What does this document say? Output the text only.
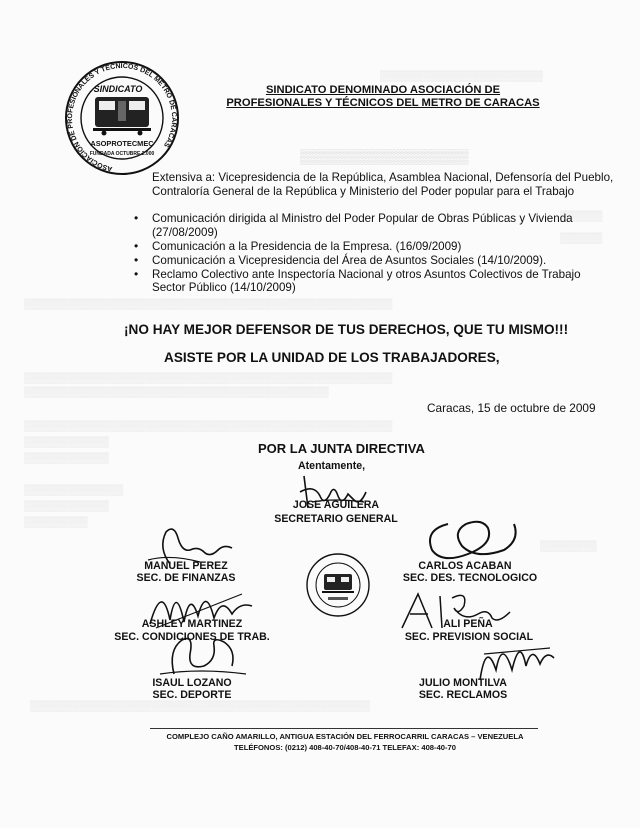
▒▒▒▒▒▒▒▒▒▒▒▒▒▒▒▒▒▒▒▒▒▒▒
▒▒▒▒▒▒▒▒▒▒▒▒▒▒▒▒▒
▒▒▒▒▒▒
▒▒▒▒▒▒
▒▒▒▒▒▒▒▒▒▒▒▒▒▒▒▒▒▒▒▒▒▒▒▒▒▒▒▒▒▒▒▒▒▒▒▒▒▒▒▒▒▒▒▒▒▒▒▒▒▒▒▒
▒▒▒▒▒▒▒▒▒▒▒▒▒▒▒▒▒▒▒▒▒▒▒▒▒▒▒▒▒▒▒▒▒▒▒▒▒▒▒▒▒▒▒▒▒▒▒▒▒▒▒▒
▒▒▒▒▒▒▒▒▒▒▒▒▒▒▒▒▒▒▒▒▒▒▒▒▒▒▒▒▒▒▒▒▒▒▒▒▒▒▒▒▒▒▒
▒▒▒▒▒▒▒▒▒▒▒▒▒▒▒▒▒▒▒▒▒▒▒▒▒▒▒▒▒▒▒▒▒▒▒▒▒▒▒▒▒▒▒▒▒▒▒▒▒▒▒▒
▒▒▒▒▒▒▒▒▒▒▒▒
▒▒▒▒▒▒▒▒▒▒▒▒
▒▒▒▒▒▒▒▒▒▒▒▒▒▒
▒▒▒▒▒▒▒▒▒▒▒▒
▒▒▒▒▒▒▒▒▒
▒▒▒▒▒▒▒▒
▒▒▒▒▒▒▒▒▒▒▒▒▒▒▒▒▒▒▒▒▒▒▒▒▒▒▒▒▒▒▒▒▒▒▒▒▒▒▒▒▒▒▒▒▒▒▒▒
ASOCIACION DE PROFESIONALES Y TECNICOS DEL METRO DE CARACAS
SINDICATO
ASOPROTECMEC
FUNDADA OCTUBRE 2.000
SINDICATO DENOMINADO ASOCIACIÓN DE
PROFESIONALES Y TÉCNICOS DEL METRO DE CARACAS
Extensiva a: Vicepresidencia de la República, Asamblea Nacional, Defensoría del Pueblo, Contraloría General de la República y Ministerio del Poder popular para el Trabajo
• Comunicación dirigida al Ministro del Poder Popular de Obras Públicas y Vivienda (27/08/2009)
• Comunicación a la Presidencia de la Empresa. (16/09/2009)
• Comunicación a Vicepresidencia del Área de Asuntos Sociales (14/10/2009).
• Reclamo Colectivo ante Inspectoría Nacional y otros Asuntos Colectivos de Trabajo Sector Público (14/10/2009)
¡NO HAY MEJOR DEFENSOR DE TUS DERECHOS, QUE TU MISMO!!!
ASISTE POR LA UNIDAD DE LOS TRABAJADORES,
Caracas, 15 de octubre de 2009
POR LA JUNTA DIRECTIVA
Atentamente,
JOSE AGUILERA
SECRETARIO GENERAL
MANUEL PEREZ
SEC. DE FINANZAS
CARLOS ACABAN
SEC. DES. TECNOLOGICO
ASHLEY MARTINEZ
SEC. CONDICIONES DE TRAB.
ALI PEÑA
SEC. PREVISION SOCIAL
ISAUL LOZANO
SEC. DEPORTE
JULIO MONTILVA
SEC. RECLAMOS
COMPLEJO CAÑO AMARILLO, ANTIGUA ESTACIÓN DEL FERROCARRIL CARACAS – VENEZUELA
TELÉFONOS: (0212) 408-40-70/408-40-71 TELEFAX: 408-40-70
